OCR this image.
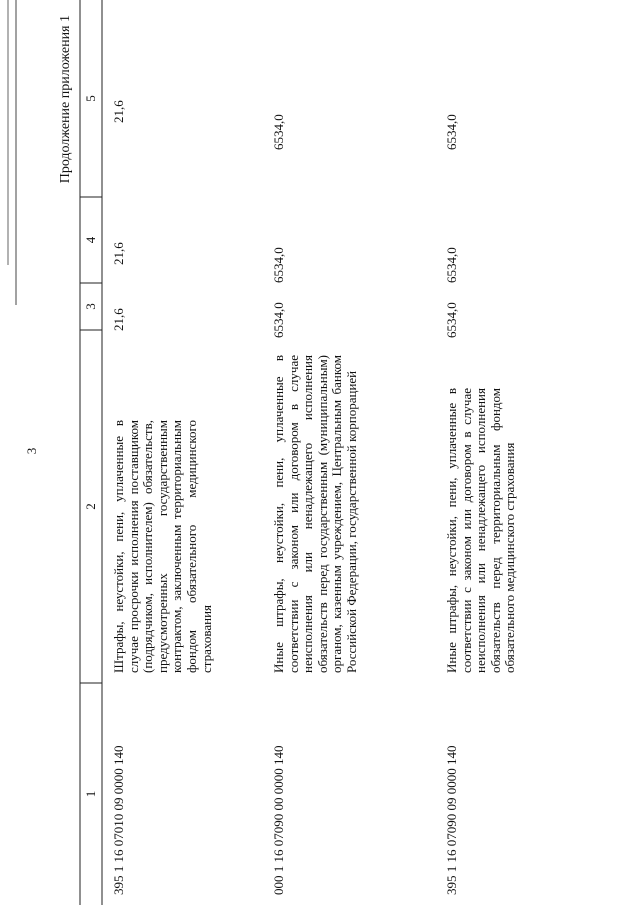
3
Продолжение приложения 1
1
2
3
4
5
395 1 16 07010 09 0000 140
Штрафы, неустойки, пени, уплаченные в случае просрочки исполнения поставщиком (подрядчиком, исполнителем) обязательств, предусмотренных государственным контрактом, заключенным территориальным фондом обязательного медицинского страхования
21,6
21,6
21,6
000 1 16 07090 00 0000 140
Иные штрафы, неустойки, пени, уплаченные в соответствии с законом или договором в случае неисполнения или ненадлежащего исполнения обязательств перед государственным (муниципальным) органом, казенным учреждением, Центральным банком Российской Федерации, государственной корпорацией
6534,0
6534,0
6534,0
395 1 16 07090 09 0000 140
Иные штрафы, неустойки, пени, уплаченные в соответствии с законом или договором в случае неисполнения или ненадлежащего исполнения обязательств перед территориальным фондом обязательного медицинского страхования
6534,0
6534,0
6534,0
